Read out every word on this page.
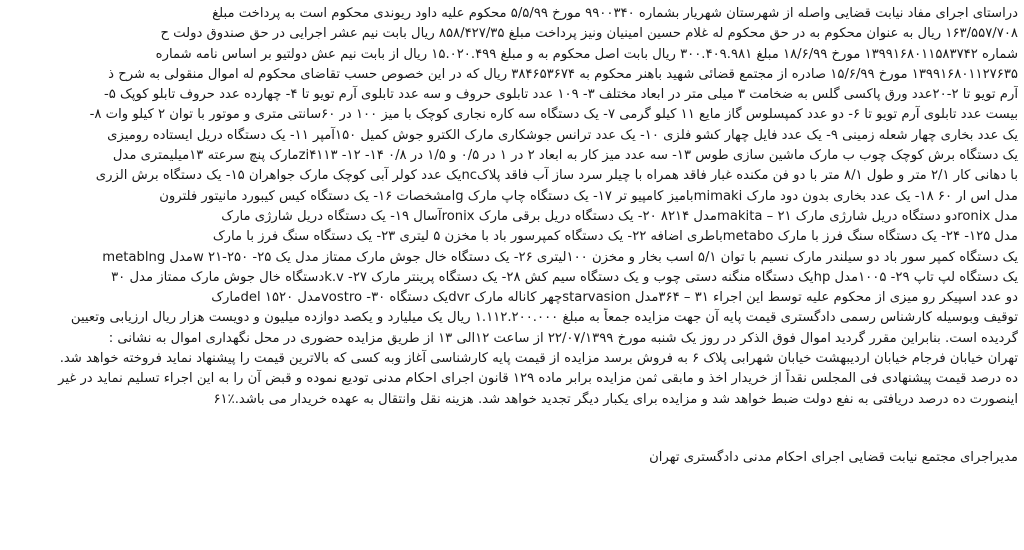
دراستای اجرای مفاد نیابت قضایی واصله از شهرستان شهریار بشماره ۹۹۰۰۳۴۰ مورخ ۵/۵/۹۹ محکوم علیه داود ریوندی محکوم است به پرداخت مبلغ
۱۶۳/۵۵۷/۷۰۸ ریال به عنوان محکوم به در حق محکوم له غلام حسین امینیان ونیز پرداخت مبلغ ۸۵۸/۴۲۷/۳۵ ریال بابت نیم عشر اجرایی در حق صندوق دولت ح
شماره ۱۳۹۹۱۶۸۰۱۱۵۸۳۷۴۲ مورخ ۱۸/۶/۹۹ مبلغ ۳۰۰.۴۰۹.۹۸۱ ریال بابت اصل محکوم به و مبلغ ۱۵.۰۲۰.۴۹۹ ریال از بابت نیم عش دولتیو بر اساس نامه شماره
۱۳۹۹۱۶۸۰۱۱۲۷۶۳۵ مورخ ۱۵/۶/۹۹ صادره از مجتمع قضائی شهید باهنر محکوم به ۳۸۴۶۵۳۶۷۴ ریال که در این خصوص حسب تقاضای محکوم له اموال منقولی به شرح ذ
آرم تویو تا ۲-۲۰عدد ورق پاکسی گلس به ضخامت ۳ میلی متر در ابعاد مختلف ۳- ۱۰۹ عدد تابلوی حروف و سه عدد تابلوی آرم تویو تا ۴- چهارده عدد حروف تابلو کوپک ۵-
بیست عدد تابلوی آرم تویو تا ۶- دو عدد کمپسلوس گاز مایع ۱۱ کیلو گرمی ۷- یک دستگاه سه کاره نجاری کوچک با میز ۱۰۰ در ۶۰سانتی متری و موتور با توان ۲ کیلو وات ۸-
یک عدد بخاری چهار شعله زمینی ۹- یک عدد فایل چهار کشو فلزی ۱۰- یک عدد ترانس جوشکاری مارک الکترو جوش کمیل ۱۵۰آمپر ۱۱- یک دستگاه دریل ایستاده رومیزی
یک دستگاه برش کوچک چوب ب مارک ماشین سازی طوس ۱۳- سه عدد میز کار به ابعاد ۲ در ۱ در ۰/۵ و ۱/۵ در ۰/۸ ۱۴- ۱۲- zi۴۱۱۳مارک پنچ سرعته ۱۳میلیمتری مدل
با دهانی کار ۲/۱ متر و طول ۸/۱ متر با دو فن مکنده غبار فاقد همراه با چیلر سرد ساز آب فاقد پلاکncیک عدد کولر آبی کوچک مارک جواهران ۱۵- یک دستگاه برش الزری
مدل اس ار ۶۰ ۱۸- یک عدد بخاری بدون دود مارک mimakiبامیز کامپیو تر ۱۷- یک دستگاه چاپ مارک lgمشخصات ۱۶- یک دستگاه کیس کیبورد مانیتور فلترون
مدل ronixدو دستگاه دریل شارژی مارک ۲۱ – makitaمدل ۸۲۱۴ ۲۰- یک دستگاه دریل برقی مارک ronixآسال ۱۹- یک دستگاه دریل شارژی مارک
مدل ۱۲۵- ۲۴- یک دستگاه سنگ فرز با مارک metaboباطری اضافه ۲۲- یک دستگاه کمپرسور باد با مخزن ۵ لیتری ۲۳- یک دستگاه سنگ فرز با مارک
یک دستگاه کمپر سور باد دو سیلندر مارک نسیم با توان ۵/۱ اسب بخار و مخزن ۱۰۰لیتری ۲۶- یک دستگاه خال جوش مارک ممتاز مدل یک ۲۵- ۲۵۰-۲۱ wمدل metablng
یک دستگاه لپ تاپ ۲۹- ۱۰۰۵مدل hpیک دستگاه منگنه دستی چوب و یک دستگاه سیم کش ۲۸- یک دستگاه پرینتر مارک ۲۷- k.vدستگاه خال جوش مارک ممتاز مدل ۳۰
دو عدد اسپیکر رو میزی از محکوم علیه توسط این اجراء ۳۱ – ۳۶۴مدل starvasionچهر کاناله مارک dvrیک دستگاه ۳۰- vostroمدل ۱۵۲۰ delمارک
توقیف وبوسیله کارشناس رسمی دادگستری قیمت پایه آن جهت مزایده جمعاً به مبلغ ۱.۱۱۲.۲۰۰.۰۰۰ ریال یک میلیارد و یکصد دوازده میلیون و دویست هزار ریال ارزیابی وتعیین
گردیده است. بنابراین مقرر گردید اموال فوق الذکر در روز یک شنبه مورخ ۲۲/۰۷/۱۳۹۹ از ساعت ۱۲الی ۱۳ از طریق مزایده حضوری در محل نگهداری اموال به نشانی :
تهران خیابان فرجام خیابان اردیبهشت خیابان شهرابی پلاک ۶ به فروش برسد مزایده از قیمت پایه کارشناسی آغاز وبه کسی که بالاترین قیمت را پیشنهاد نماید فروخته خواهد شد.
ده درصد قیمت پیشنهادی فی المجلس نقداً از خریدار اخذ و مابقی ثمن مزایده برابر ماده ۱۲۹ قانون اجرای احکام مدنی تودیع نموده و قبض آن را به این اجراء تسلیم نماید در غیر
اینصورت ده درصد دریافتی به نفع دولت ضبط خواهد شد و مزایده برای یکبار دیگر تجدید خواهد شد. هزینه نقل وانتقال به عهده خریدار می باشد.٪۶۱
مدیراجرای مجتمع نیابت قضایی اجرای احکام مدنی دادگستری تهران
